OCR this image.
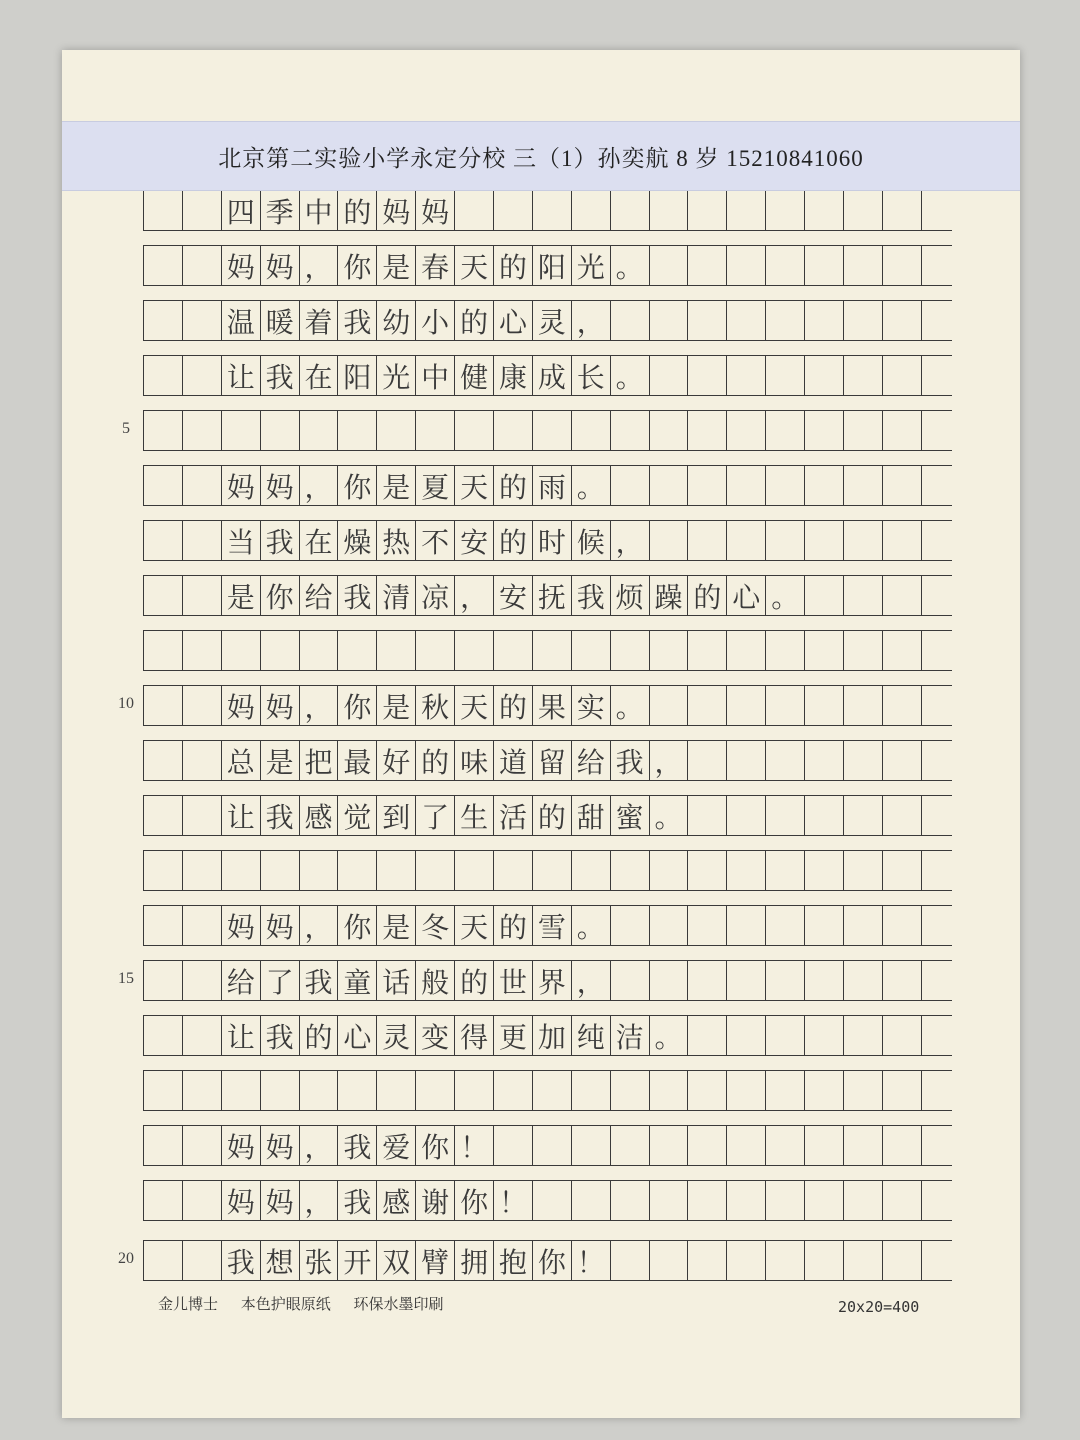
北京第二实验小学永定分校 三（1）孙奕航 8 岁 15210841060
四 季 中 的 妈 妈
妈 妈 ， 你 是 春 天 的 阳 光 。
温 暖 着 我 幼 小 的 心 灵 ，
让 我 在 阳 光 中 健 康 成 长 。
5
妈 妈 ， 你 是 夏 天 的 雨 。
当 我 在 燥 热 不 安 的 时 候 ，
是 你 给 我 清 凉 ， 安 抚 我 烦 躁 的 心 。
妈 妈 ， 你 是 秋 天 的 果 实 。
10
总 是 把 最 好 的 味 道 留 给 我 ，
让 我 感 觉 到 了 生 活 的 甜 蜜 。
妈 妈 ， 你 是 冬 天 的 雪 。
给 了 我 童 话 般 的 世 界 ，
15
让 我 的 心 灵 变 得 更 加 纯 洁 。
妈 妈 ， 我 爱 你 ！
妈 妈 ， 我 感 谢 你 ！
我 想 张 开 双 臂 拥 抱 你 ！
20
金儿博士 本色护眼原纸 环保水墨印刷	20x20=400
